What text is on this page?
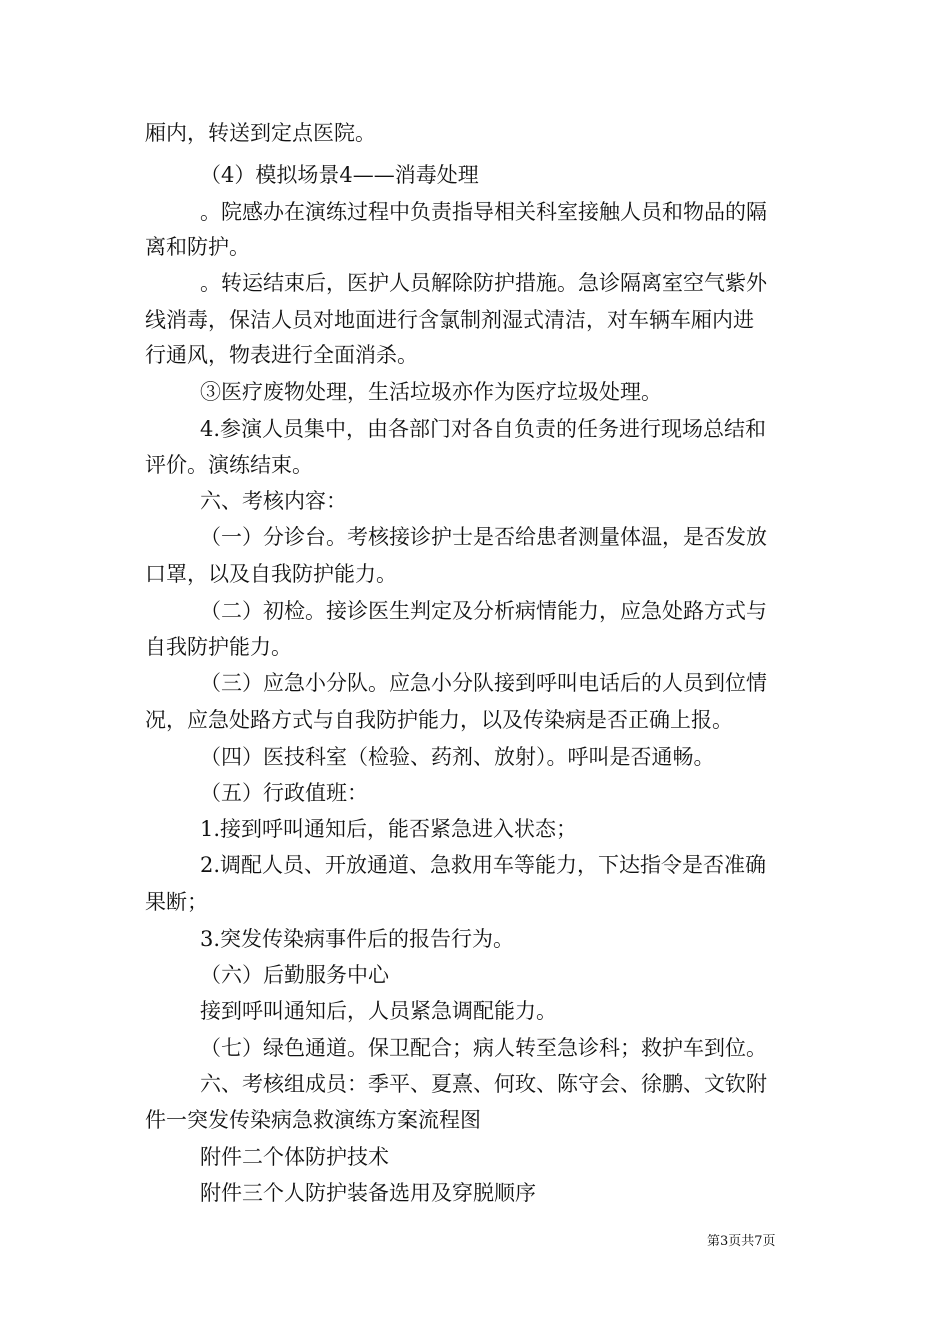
厢内，转送到定点医院。
（4）模拟场景4——消毒处理
。院感办在演练过程中负责指导相关科室接触人员和物品的隔
离和防护。
。转运结束后，医护人员解除防护措施。急诊隔离室空气紫外
线消毒，保洁人员对地面进行含氯制剂湿式清洁，对车辆车厢内进
行通风，物表进行全面消杀。
③医疗废物处理，生活垃圾亦作为医疗垃圾处理。
4.参演人员集中，由各部门对各自负责的任务进行现场总结和
评价。演练结束。
六、考核内容：
（一）分诊台。考核接诊护士是否给患者测量体温，是否发放
口罩，以及自我防护能力。
（二）初检。接诊医生判定及分析病情能力，应急处路方式与
自我防护能力。
（三）应急小分队。应急小分队接到呼叫电话后的人员到位情
况，应急处路方式与自我防护能力，以及传染病是否正确上报。
（四）医技科室（检验、药剂、放射）。呼叫是否通畅。
（五）行政值班：
1.接到呼叫通知后，能否紧急进入状态；
2.调配人员、开放通道、急救用车等能力，下达指令是否准确
果断；
3.突发传染病事件后的报告行为。
（六）后勤服务中心
接到呼叫通知后，人员紧急调配能力。
（七）绿色通道。保卫配合；病人转至急诊科；救护车到位。
六、考核组成员：季平、夏熹、何玫、陈守会、徐鹏、文钦附
件一突发传染病急救演练方案流程图
附件二个体防护技术
附件三个人防护装备选用及穿脱顺序
第3页共7页
